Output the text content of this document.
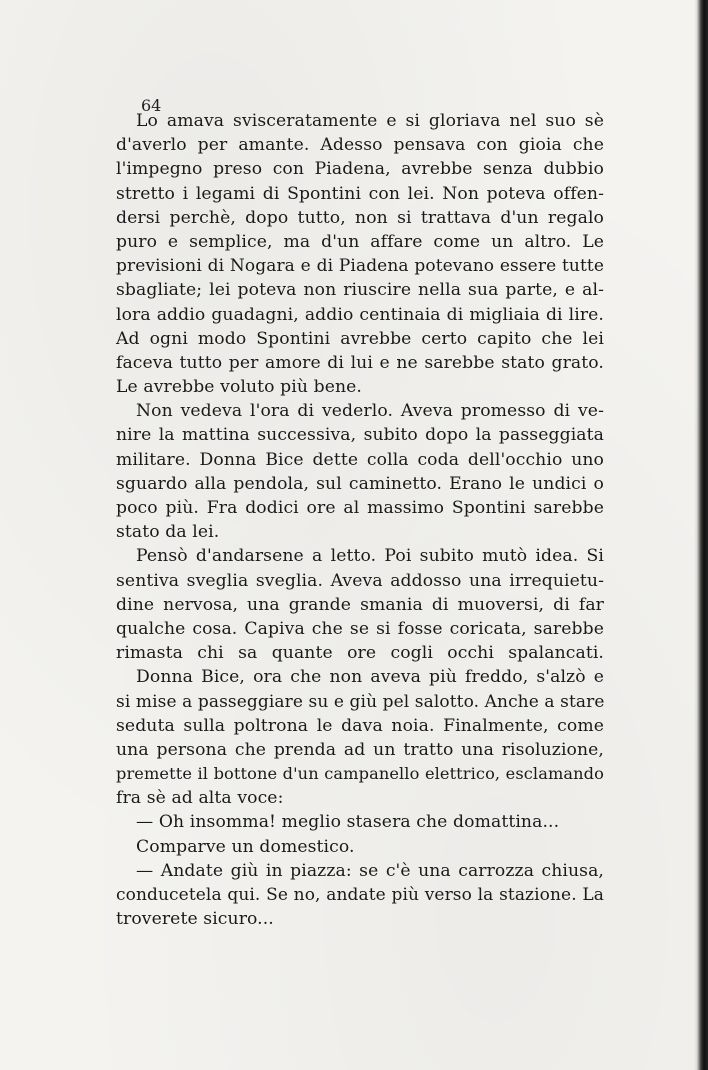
64
Lo amava svisceratamente e si gloriava nel suo sè
d'averlo per amante. Adesso pensava con gioia che
l'impegno preso con Piadena, avrebbe senza dubbio
stretto i legami di Spontini con lei. Non poteva offen-
dersi perchè, dopo tutto, non si trattava d'un regalo
puro e semplice, ma d'un affare come un altro. Le
previsioni di Nogara e di Piadena potevano essere tutte
sbagliate; lei poteva non riuscire nella sua parte, e al-
lora addio guadagni, addio centinaia di migliaia di lire.
Ad ogni modo Spontini avrebbe certo capito che lei
faceva tutto per amore di lui e ne sarebbe stato grato.
Le avrebbe voluto più bene.
Non vedeva l'ora di vederlo. Aveva promesso di ve-
nire la mattina successiva, subito dopo la passeggiata
militare. Donna Bice dette colla coda dell'occhio uno
sguardo alla pendola, sul caminetto. Erano le undici o
poco più. Fra dodici ore al massimo Spontini sarebbe
stato da lei.
Pensò d'andarsene a letto. Poi subito mutò idea. Si
sentiva sveglia sveglia. Aveva addosso una irrequietu-
dine nervosa, una grande smania di muoversi, di far
qualche cosa. Capiva che se si fosse coricata, sarebbe
rimasta chi sa quante ore cogli occhi spalancati.
Donna Bice, ora che non aveva più freddo, s'alzò e
si mise a passeggiare su e giù pel salotto. Anche a stare
seduta sulla poltrona le dava noia. Finalmente, come
una persona che prenda ad un tratto una risoluzione,
premette il bottone d'un campanello elettrico, esclamando
fra sè ad alta voce:
— Oh insomma! meglio stasera che domattina...
Comparve un domestico.
— Andate giù in piazza: se c'è una carrozza chiusa,
conducetela qui. Se no, andate più verso la stazione. La
troverete sicuro...
